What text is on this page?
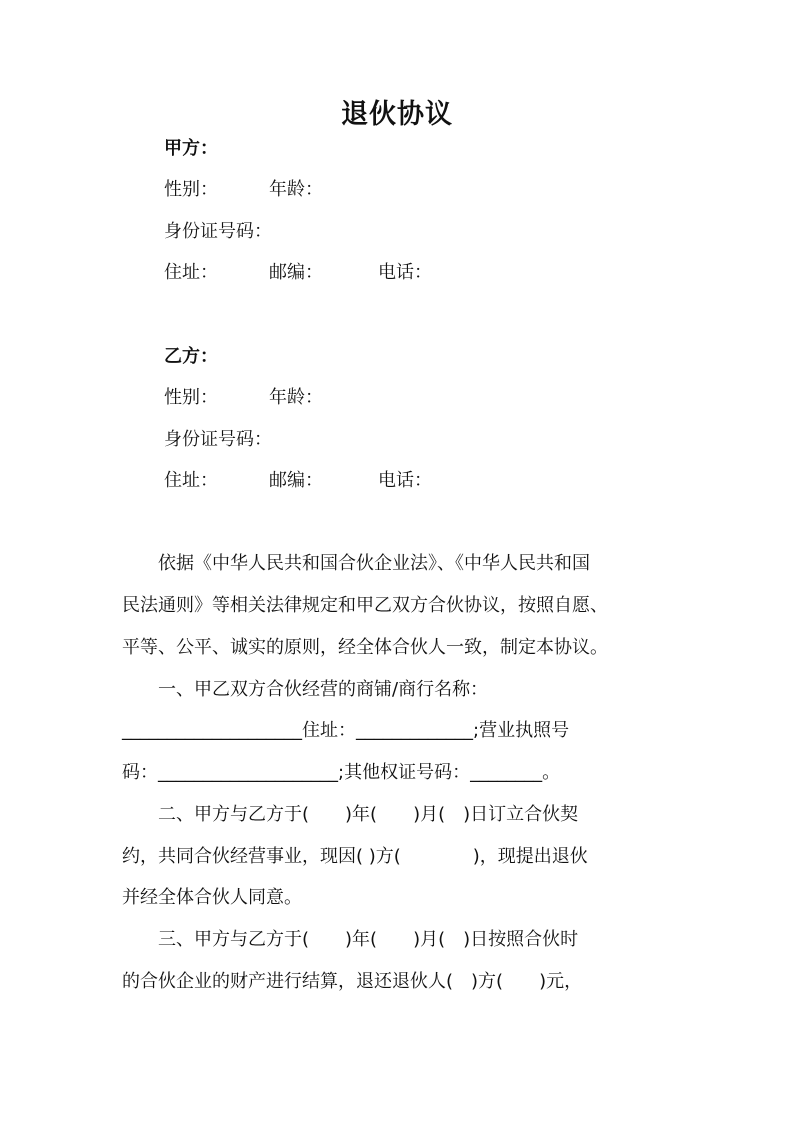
退伙协议
甲方：
性别：	年龄：
身份证号码：
住址：	邮编：	电话：
乙方：
性别：	年龄：
身份证号码：
住址：	邮编：	电话：
　　依据《中华人民共和国合伙企业法》、《中华人民共和国
民法通则》等相关法律规定和甲乙双方合伙协议，按照自愿、
平等、公平、诚实的原则，经全体合伙人一致，制定本协议。
　　一、甲乙双方合伙经营的商铺/商行名称：
____________________住址：_____________;营业执照号
码：____________________;其他权证号码：________。
　　二、甲方与乙方于(　　)年(　　)月(　)日订立合伙契
约，共同合伙经营事业，现因( )方(　　　　)，现提出退伙
并经全体合伙人同意。
　　三、甲方与乙方于(　　)年(　　)月(　)日按照合伙时
的合伙企业的财产进行结算，退还退伙人(　)方(　　)元，
